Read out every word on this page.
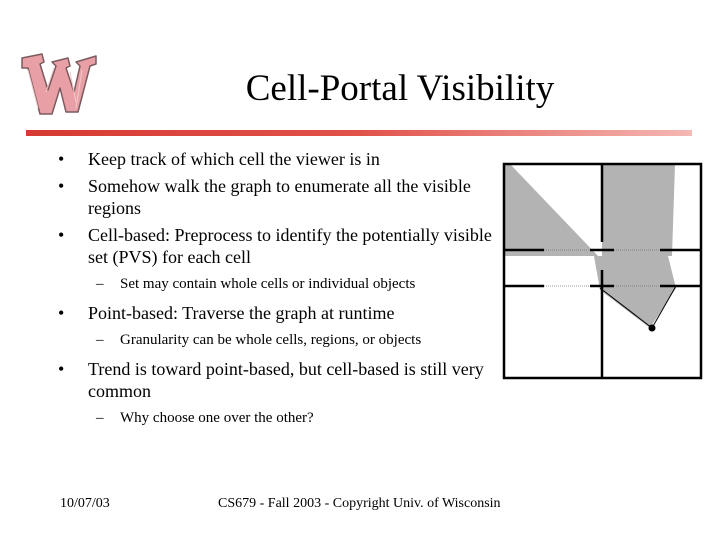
Cell-Portal Visibility
• Keep track of which cell the viewer is in
• Somehow walk the graph to enumerate all the visible regions
• Cell-based: Preprocess to identify the potentially visible set (PVS) for each cell
– Set may contain whole cells or individual objects
• Point-based: Traverse the graph at runtime
– Granularity can be whole cells, regions, or objects
• Trend is toward point-based, but cell-based is still very common
– Why choose one over the other?
10/07/03	CS679 - Fall 2003 - Copyright Univ. of Wisconsin
